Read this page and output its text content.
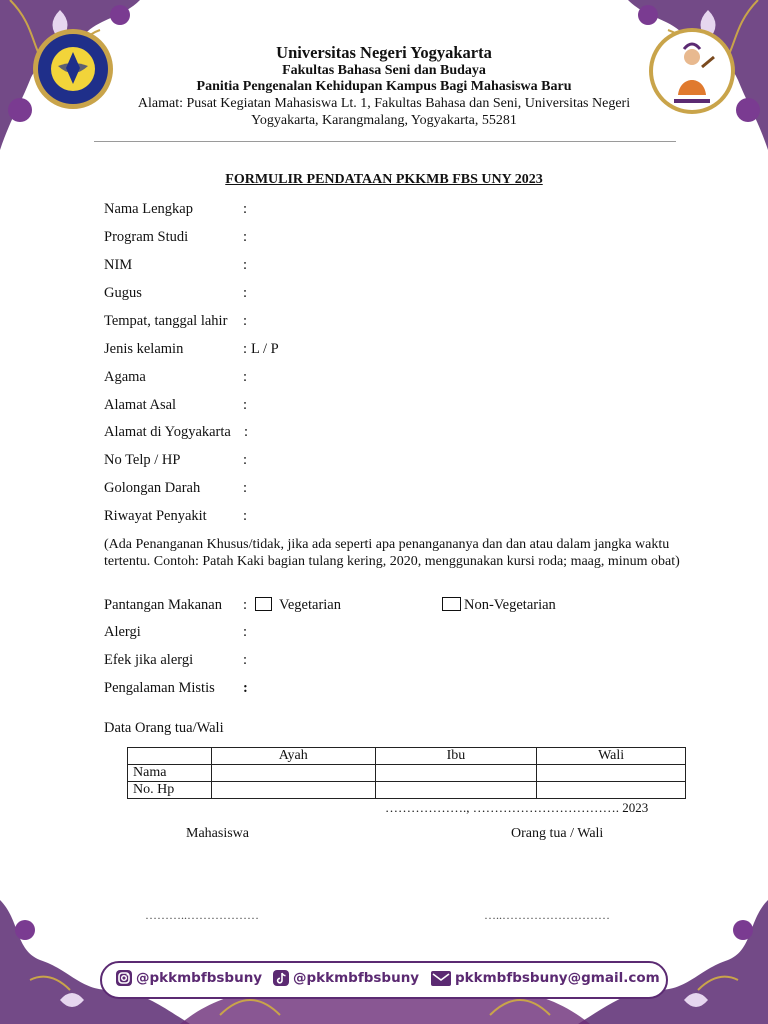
Universitas Negeri Yogyakarta
Fakultas Bahasa Seni dan Budaya
Panitia Pengenalan Kehidupan Kampus Bagi Mahasiswa Baru
Alamat: Pusat Kegiatan Mahasiswa Lt. 1, Fakultas Bahasa dan Seni, Universitas Negeri
Yogyakarta, Karangmalang, Yogyakarta, 55281
FORMULIR PENDATAAN PKKMB FBS UNY 2023
Nama Lengkap	:
Program Studi	:
NIM	:
Gugus	:
Tempat, tanggal lahir :
Jenis kelamin	: L / P
Agama	:
Alamat Asal	:
Alamat di Yogyakarta :
No Telp / HP	:
Golongan Darah	:
Riwayat Penyakit	:
(Ada Penanganan Khusus/tidak, jika ada seperti apa penangananya dan dan atau dalam jangka waktu tertentu. Contoh: Patah Kaki bagian tulang kering, 2020, menggunakan kursi roda; maag, minum obat)
Pantangan Makanan : Vegetarian	Non-Vegetarian
Alergi	:
Efek jika alergi	:
Pengalaman Mistis :
Data Orang tua/Wali
	Ayah	Ibu	Wali
Nama			
No. Hp			
………………., ……………………………. 2023
Mahasiswa	Orang tua / Wali
………..………………	…..………………………
@pkkmbfbsbuny @pkkmbfbsbuny	pkkmbfbsbuny@gmail.com
